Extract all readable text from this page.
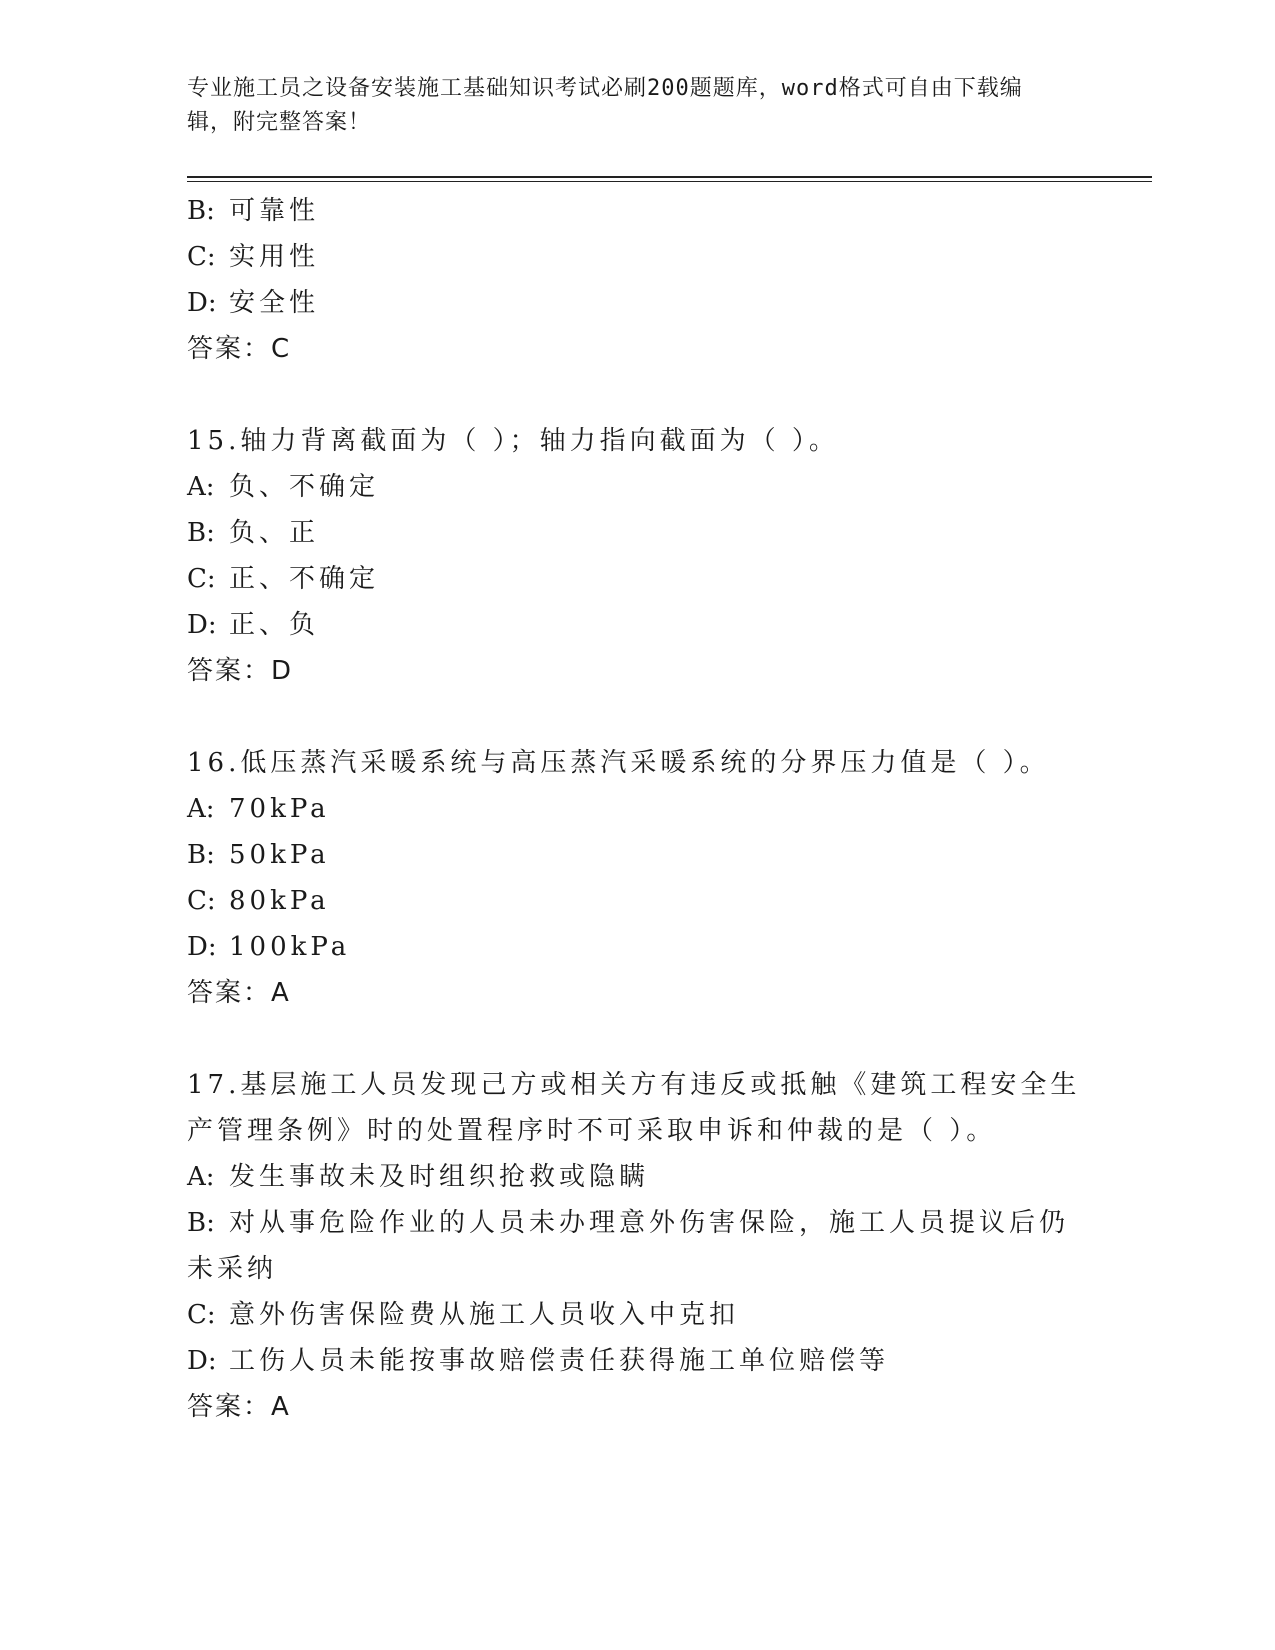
专业施工员之设备安装施工基础知识考试必刷200题题库，word格式可自由下载编辑，附完整答案！
B: 可靠性
C: 实用性
D: 安全性
答案：C
15.轴力背离截面为（ ）；轴力指向截面为（ ）。
A: 负、不确定
B: 负、正
C: 正、不确定
D: 正、负
答案：D
16.低压蒸汽采暖系统与高压蒸汽采暖系统的分界压力值是（ ）。
A: 70kPa
B: 50kPa
C: 80kPa
D: 100kPa
答案：A
17.基层施工人员发现己方或相关方有违反或抵触《建筑工程安全生产管理条例》时的处置程序时不可采取申诉和仲裁的是（ ）。
A: 发生事故未及时组织抢救或隐瞒
B: 对从事危险作业的人员未办理意外伤害保险，施工人员提议后仍未采纳
C: 意外伤害保险费从施工人员收入中克扣
D: 工伤人员未能按事故赔偿责任获得施工单位赔偿等
答案：A
